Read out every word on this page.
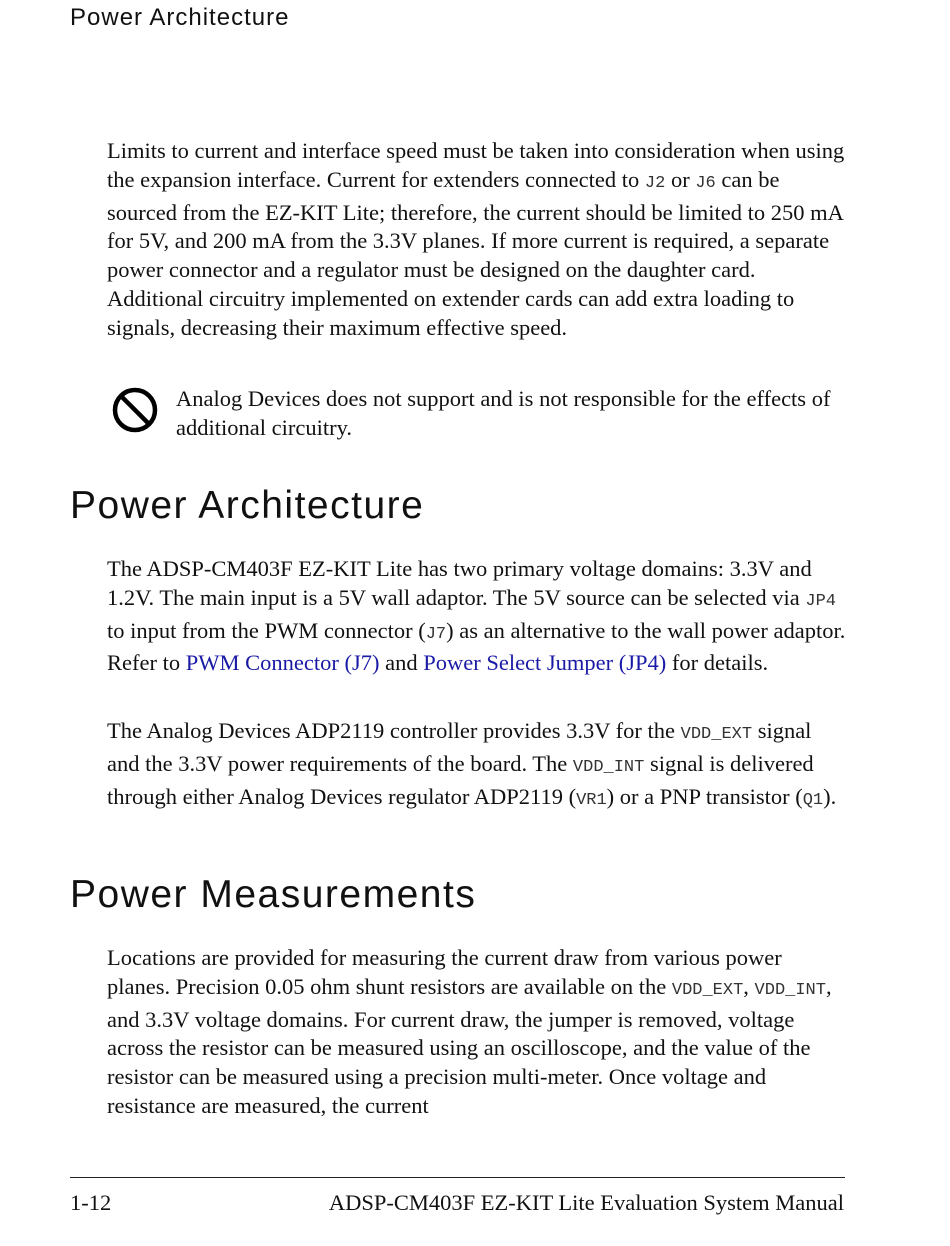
Power Architecture

Limits to current and interface speed must be taken into consideration when using the expansion interface. Current for extenders connected to J2 or J6 can be sourced from the EZ-KIT Lite; therefore, the current should be limited to 250 mA for 5V, and 200 mA from the 3.3V planes. If more current is required, a separate power connector and a regulator must be designed on the daughter card. Additional circuitry implemented on extender cards can add extra loading to signals, decreasing their maximum effective speed.

Analog Devices does not support and is not responsible for the effects of additional circuitry.

Power Architecture

The ADSP-CM403F EZ-KIT Lite has two primary voltage domains: 3.3V and 1.2V. The main input is a 5V wall adaptor. The 5V source can be selected via JP4 to input from the PWM connector (J7) as an alternative to the wall power adaptor. Refer to PWM Connector (J7) and Power Select Jumper (JP4) for details.

The Analog Devices ADP2119 controller provides 3.3V for the VDD_EXT signal and the 3.3V power requirements of the board. The VDD_INT signal is delivered through either Analog Devices regulator ADP2119 (VR1) or a PNP transistor (Q1).

Power Measurements

Locations are provided for measuring the current draw from various power planes. Precision 0.05 ohm shunt resistors are available on the VDD_EXT, VDD_INT, and 3.3V voltage domains. For current draw, the jumper is removed, voltage across the resistor can be measured using an oscilloscope, and the value of the resistor can be measured using a precision multi-meter. Once voltage and resistance are measured, the current

1-12	ADSP-CM403F EZ-KIT Lite Evaluation System Manual
